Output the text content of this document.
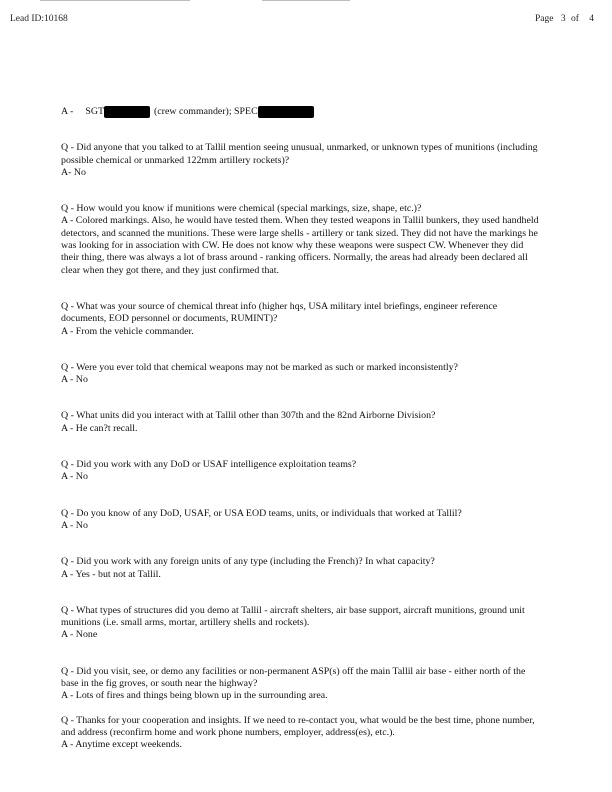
Lead ID:10168	Page 3 of 4
A - SGT	(crew commander); SPEC

Q - Did anyone that you talked to at Tallil mention seeing unusual, unmarked, or unknown types of munitions (including possible chemical or unmarked 122mm artillery rockets)?

A- No

Q - How would you know if munitions were chemical (special markings, size, shape, etc.)?

A - Colored markings. Also, he would have tested them. When they tested weapons in Tallil bunkers, they used handheld detectors, and scanned the munitions. These were large shells - artillery or tank sized. They did not have the markings he was looking for in association with CW. He does not know why these weapons were suspect CW. Whenever they did their thing, there was always a lot of brass around - ranking officers. Normally, the areas had already been declared all clear when they got there, and they just confirmed that.

Q - What was your source of chemical threat info (higher hqs, USA military intel briefings, engineer reference documents, EOD personnel or documents, RUMINT)?

A - From the vehicle commander.

Q - Were you ever told that chemical weapons may not be marked as such or marked inconsistently?

A - No

Q - What units did you interact with at Tallil other than 307th and the 82nd Airborne Division?

A - He can?t recall.

Q - Did you work with any DoD or USAF intelligence exploitation teams?

A - No

Q - Do you know of any DoD, USAF, or USA EOD teams, units, or individuals that worked at Tallil?

A - No

Q - Did you work with any foreign units of any type (including the French)? In what capacity?

A - Yes - but not at Tallil.

Q - What types of structures did you demo at Tallil - aircraft shelters, air base support, aircraft munitions, ground unit munitions (i.e. small arms, mortar, artillery shells and rockets).

A - None

Q - Did you visit, see, or demo any facilities or non-permanent ASP(s) off the main Tallil air base - either north of the base in the fig groves, or south near the highway?

A - Lots of fires and things being blown up in the surrounding area.

Q - Thanks for your cooperation and insights. If we need to re-contact you, what would be the best time, phone number, and address (reconfirm home and work phone numbers, employer, address(es), etc.).

A - Anytime except weekends.
